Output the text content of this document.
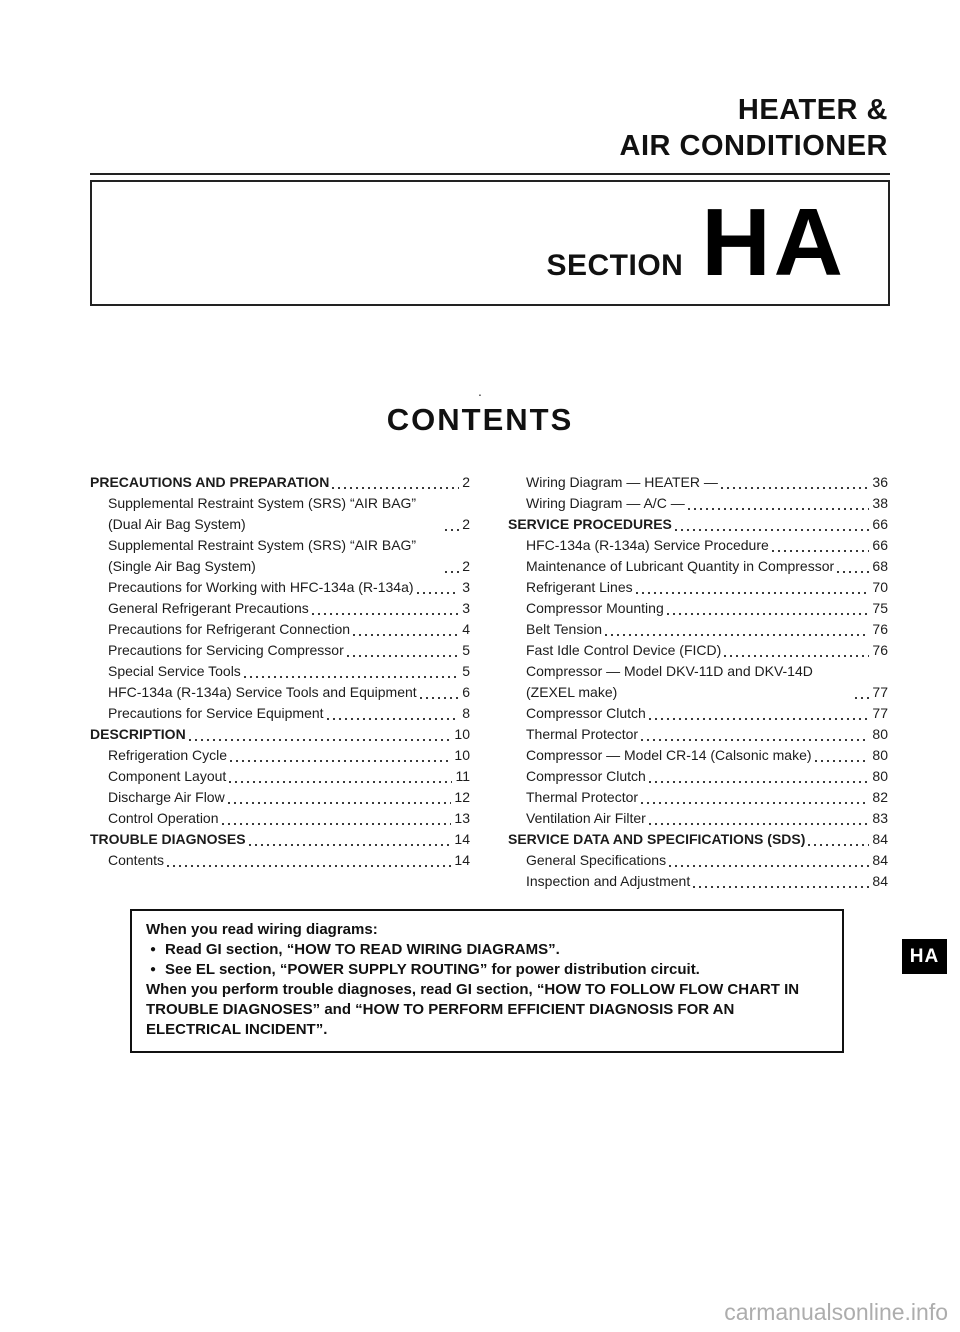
HEATER &
AIR CONDITIONER
SECTION HA
·
CONTENTS
PRECAUTIONS AND PREPARATION	2
Supplemental Restraint System (SRS) “AIR BAG” (Dual Air Bag System)	2
Supplemental Restraint System (SRS) “AIR BAG” (Single Air Bag System)	2
Precautions for Working with HFC-134a (R-134a)	3
General Refrigerant Precautions	3
Precautions for Refrigerant Connection	4
Precautions for Servicing Compressor	5
Special Service Tools	5
HFC-134a (R-134a) Service Tools and Equipment	6
Precautions for Service Equipment	8
DESCRIPTION	10
Refrigeration Cycle	10
Component Layout	11
Discharge Air Flow	12
Control Operation	13
TROUBLE DIAGNOSES	14
Contents	14
Wiring Diagram — HEATER —	36
Wiring Diagram — A/C —	38
SERVICE PROCEDURES	66
HFC-134a (R-134a) Service Procedure	66
Maintenance of Lubricant Quantity in Compressor	68
Refrigerant Lines	70
Compressor Mounting	75
Belt Tension	76
Fast Idle Control Device (FICD)	76
Compressor — Model DKV-11D and DKV-14D (ZEXEL make)	77
Compressor Clutch	77
Thermal Protector	80
Compressor — Model CR-14 (Calsonic make)	80
Compressor Clutch	80
Thermal Protector	82
Ventilation Air Filter	83
SERVICE DATA AND SPECIFICATIONS (SDS)	84
General Specifications	84
Inspection and Adjustment	84
When you read wiring diagrams:
● Read GI section, “HOW TO READ WIRING DIAGRAMS”.
● See EL section, “POWER SUPPLY ROUTING” for power distribution circuit.
When you perform trouble diagnoses, read GI section, “HOW TO FOLLOW FLOW CHART IN TROUBLE DIAGNOSES” and “HOW TO PERFORM EFFICIENT DIAGNOSIS FOR AN ELECTRICAL INCIDENT”.
HA
carmanualsonline.info
